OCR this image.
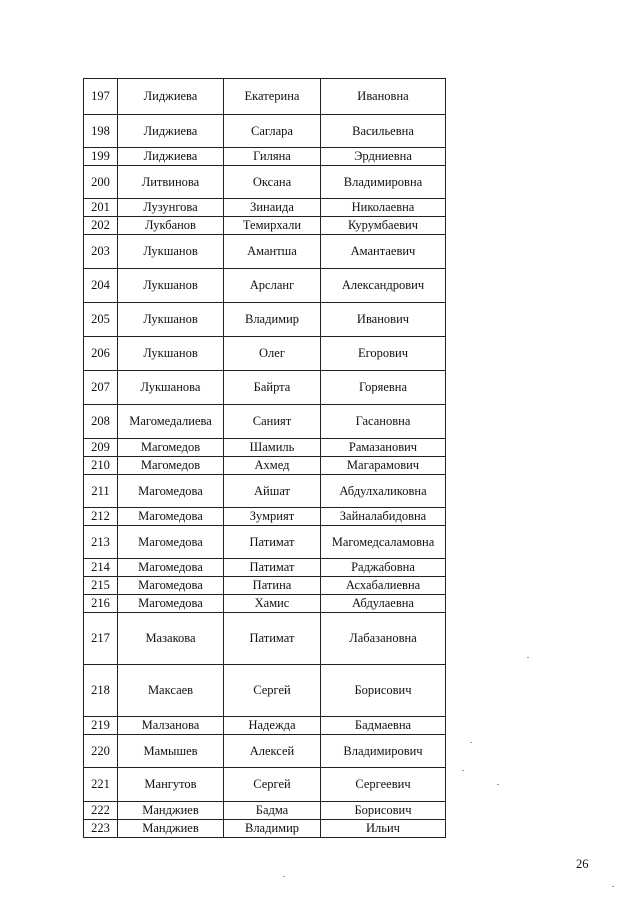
197	Лиджиева	Екатерина	Ивановна
198	Лиджиева	Саглара	Васильевна
199	Лиджиева	Гиляна	Эрдниевна
200	Литвинова	Оксана	Владимировна
201	Лузунгова	Зинаида	Николаевна
202	Лукбанов	Темирхали	Курумбаевич
203	Лукшанов	Амантша	Амантаевич
204	Лукшанов	Арсланг	Александрович
205	Лукшанов	Владимир	Иванович
206	Лукшанов	Олег	Егорович
207	Лукшанова	Байрта	Горяевна
208	Магомедалиева	Саният	Гасановна
209	Магомедов	Шамиль	Рамазанович
210	Магомедов	Ахмед	Магарамович
211	Магомедова	Айшат	Абдулхаликовна
212	Магомедова	Зумрият	Зайналабидовна
213	Магомедова	Патимат	Магомедсаламовна
214	Магомедова	Патимат	Раджабовна
215	Магомедова	Патина	Асхабалиевна
216	Магомедова	Хамис	Абдулаевна
217	Мазакова	Патимат	Лабазановна
218	Максаев	Сергей	Борисович
219	Малзанова	Надежда	Бадмаевна
220	Мамышев	Алексей	Владимирович
221	Мангутов	Сергей	Сергеевич
222	Манджиев	Бадма	Борисович
223	Манджиев	Владимир	Ильич
26
